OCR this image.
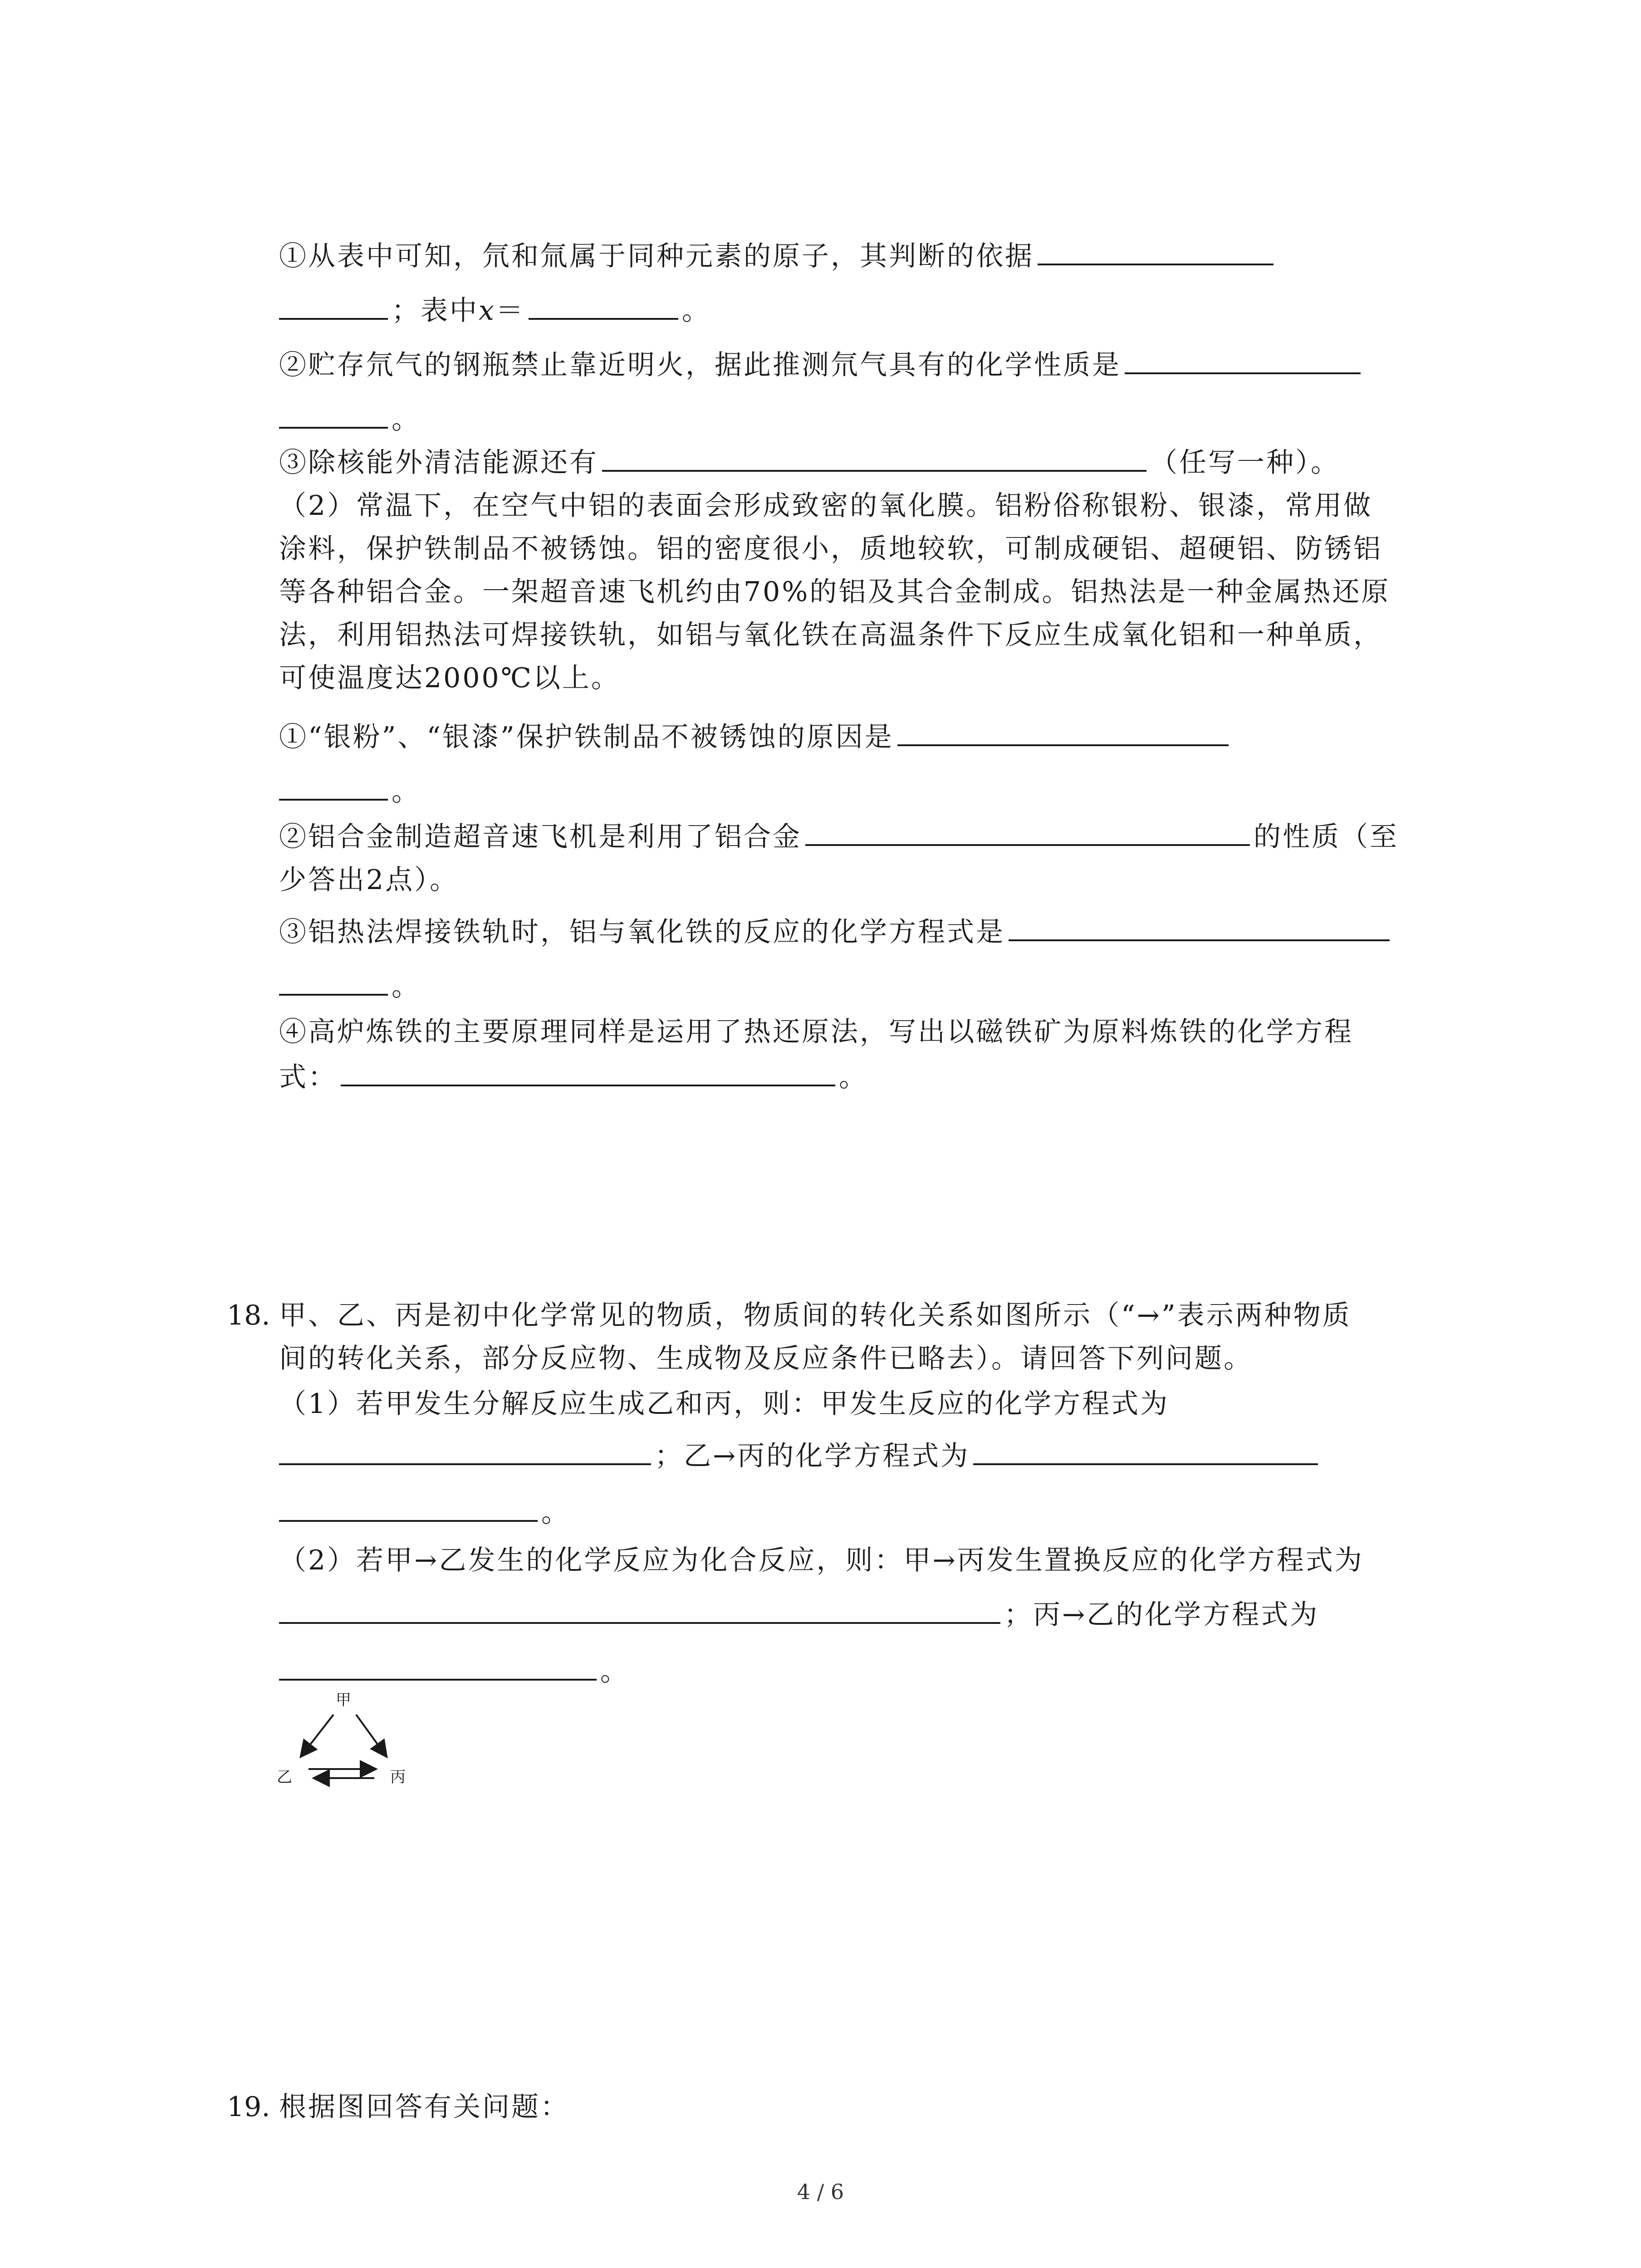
①从表中可知，氘和氚属于同种元素的原子，其判断的依据
；表中x＝	。
②贮存氘气的钢瓶禁止靠近明火，据此推测氘气具有的化学性质是
。
③除核能外清洁能源还有	（任写一种）。
（2）常温下，在空气中铝的表面会形成致密的氧化膜。铝粉俗称银粉、银漆，常用做
涂料，保护铁制品不被锈蚀。铝的密度很小，质地较软，可制成硬铝、超硬铝、防锈铝
等各种铝合金。一架超音速飞机约由70%的铝及其合金制成。铝热法是一种金属热还原
法，利用铝热法可焊接铁轨，如铝与氧化铁在高温条件下反应生成氧化铝和一种单质，
可使温度达2000℃以上。
①“银粉”、“银漆”保护铁制品不被锈蚀的原因是
。
②铝合金制造超音速飞机是利用了铝合金	的性质（至
少答出2点）。
③铝热法焊接铁轨时，铝与氧化铁的反应的化学方程式是
。
④高炉炼铁的主要原理同样是运用了热还原法，写出以磁铁矿为原料炼铁的化学方程
式：	。
18. 甲、乙、丙是初中化学常见的物质，物质间的转化关系如图所示（“→”表示两种物质
间的转化关系，部分反应物、生成物及反应条件已略去）。请回答下列问题。
（1）若甲发生分解反应生成乙和丙，则：甲发生反应的化学方程式为
；乙→丙的化学方程式为
。
（2）若甲→乙发生的化学反应为化合反应，则：甲→丙发生置换反应的化学方程式为
；丙→乙的化学方程式为
。
甲
乙	丙
19. 根据图回答有关问题：
4 / 6
